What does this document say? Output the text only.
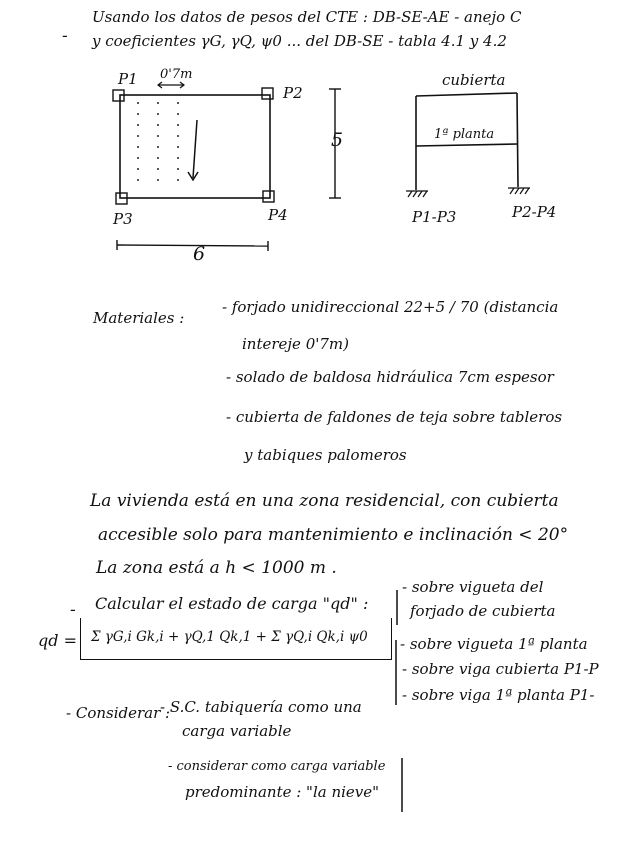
-
Usando los datos de pesos del CTE : DB-SE-AE - anejo C
y coeficientes γG, γQ, ψ0 ... del DB-SE - tabla 4.1 y 4.2
P1
P2
P3	P4
0'7m
6
5
cubierta
1ª planta
P1-P3	P2-P4
Materiales :
- forjado unidireccional 22+5 / 70 (distancia
intereje 0'7m)
- solado de baldosa hidráulica 7cm espesor
- cubierta de faldones de teja sobre tableros
y tabiques palomeros
La vivienda está en una zona residencial, con cubierta
accesible solo para mantenimiento e inclinación < 20°
La zona está a h < 1000 m .
- Calcular el estado de carga "qd" :
qd = Σ γG,i Gk,i + γQ,1 Qk,1 + Σ γQ,i Qk,i ψ0
- sobre vigueta del
forjado de cubierta
- sobre vigueta 1ª planta
- sobre viga cubierta P1-P
- sobre viga 1ª planta P1-
- Considerar :
- S.C. tabiquería como una
carga variable
- considerar como carga variable
predominante : "la nieve"
